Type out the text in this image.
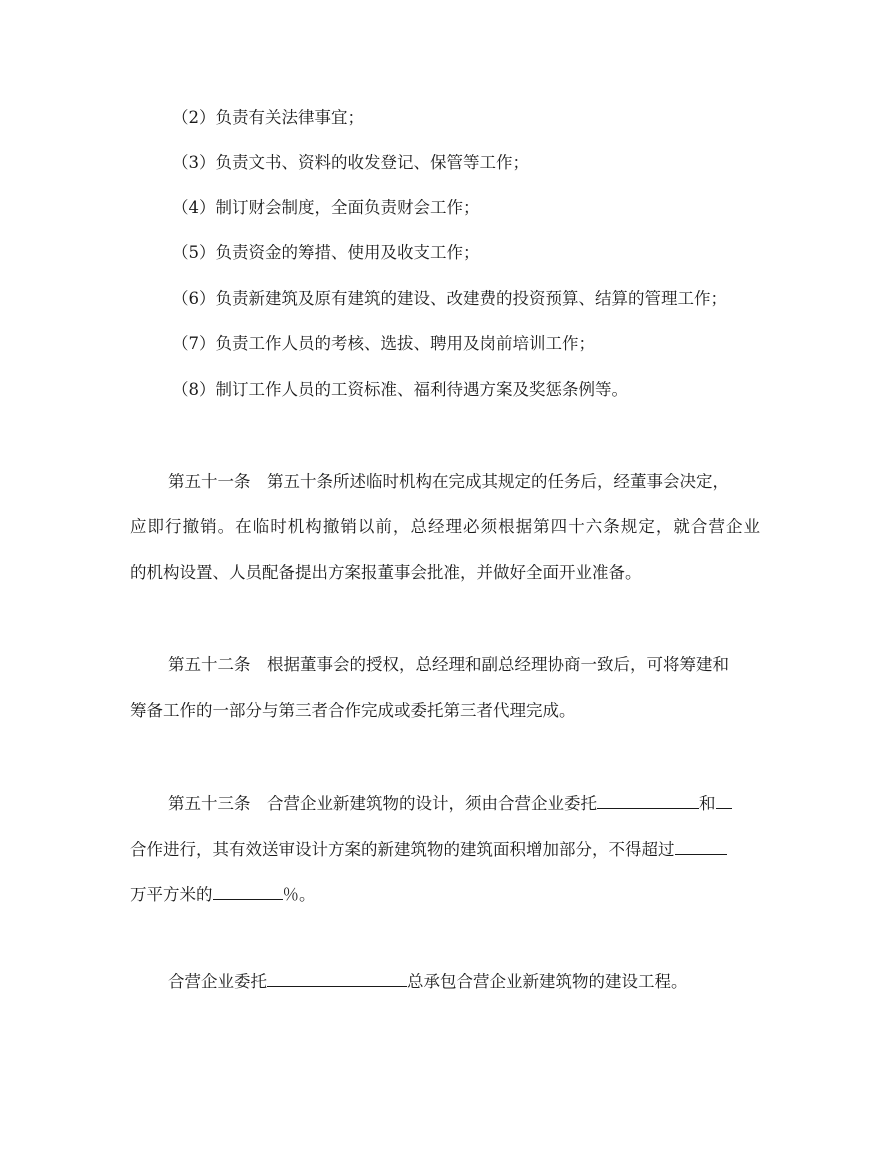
（2）负责有关法律事宜；
（3）负责文书、资料的收发登记、保管等工作；
（4）制订财会制度，全面负责财会工作；
（5）负责资金的筹措、使用及收支工作；
（6）负责新建筑及原有建筑的建设、改建费的投资预算、结算的管理工作；
（7）负责工作人员的考核、选拔、聘用及岗前培训工作；
（8）制订工作人员的工资标准、福利待遇方案及奖惩条例等。
第五十一条　第五十条所述临时机构在完成其规定的任务后，经董事会决定，
应即行撤销。在临时机构撤销以前，总经理必须根据第四十六条规定，就合营企业
的机构设置、人员配备提出方案报董事会批准，并做好全面开业准备。
第五十二条　根据董事会的授权，总经理和副总经理协商一致后，可将筹建和
筹备工作的一部分与第三者合作完成或委托第三者代理完成。
第五十三条　合营企业新建筑物的设计，须由合营企业委托	和
合作进行，其有效送审设计方案的新建筑物的建筑面积增加部分，不得超过
万平方米的	％。
合营企业委托	总承包合营企业新建筑物的建设工程。
